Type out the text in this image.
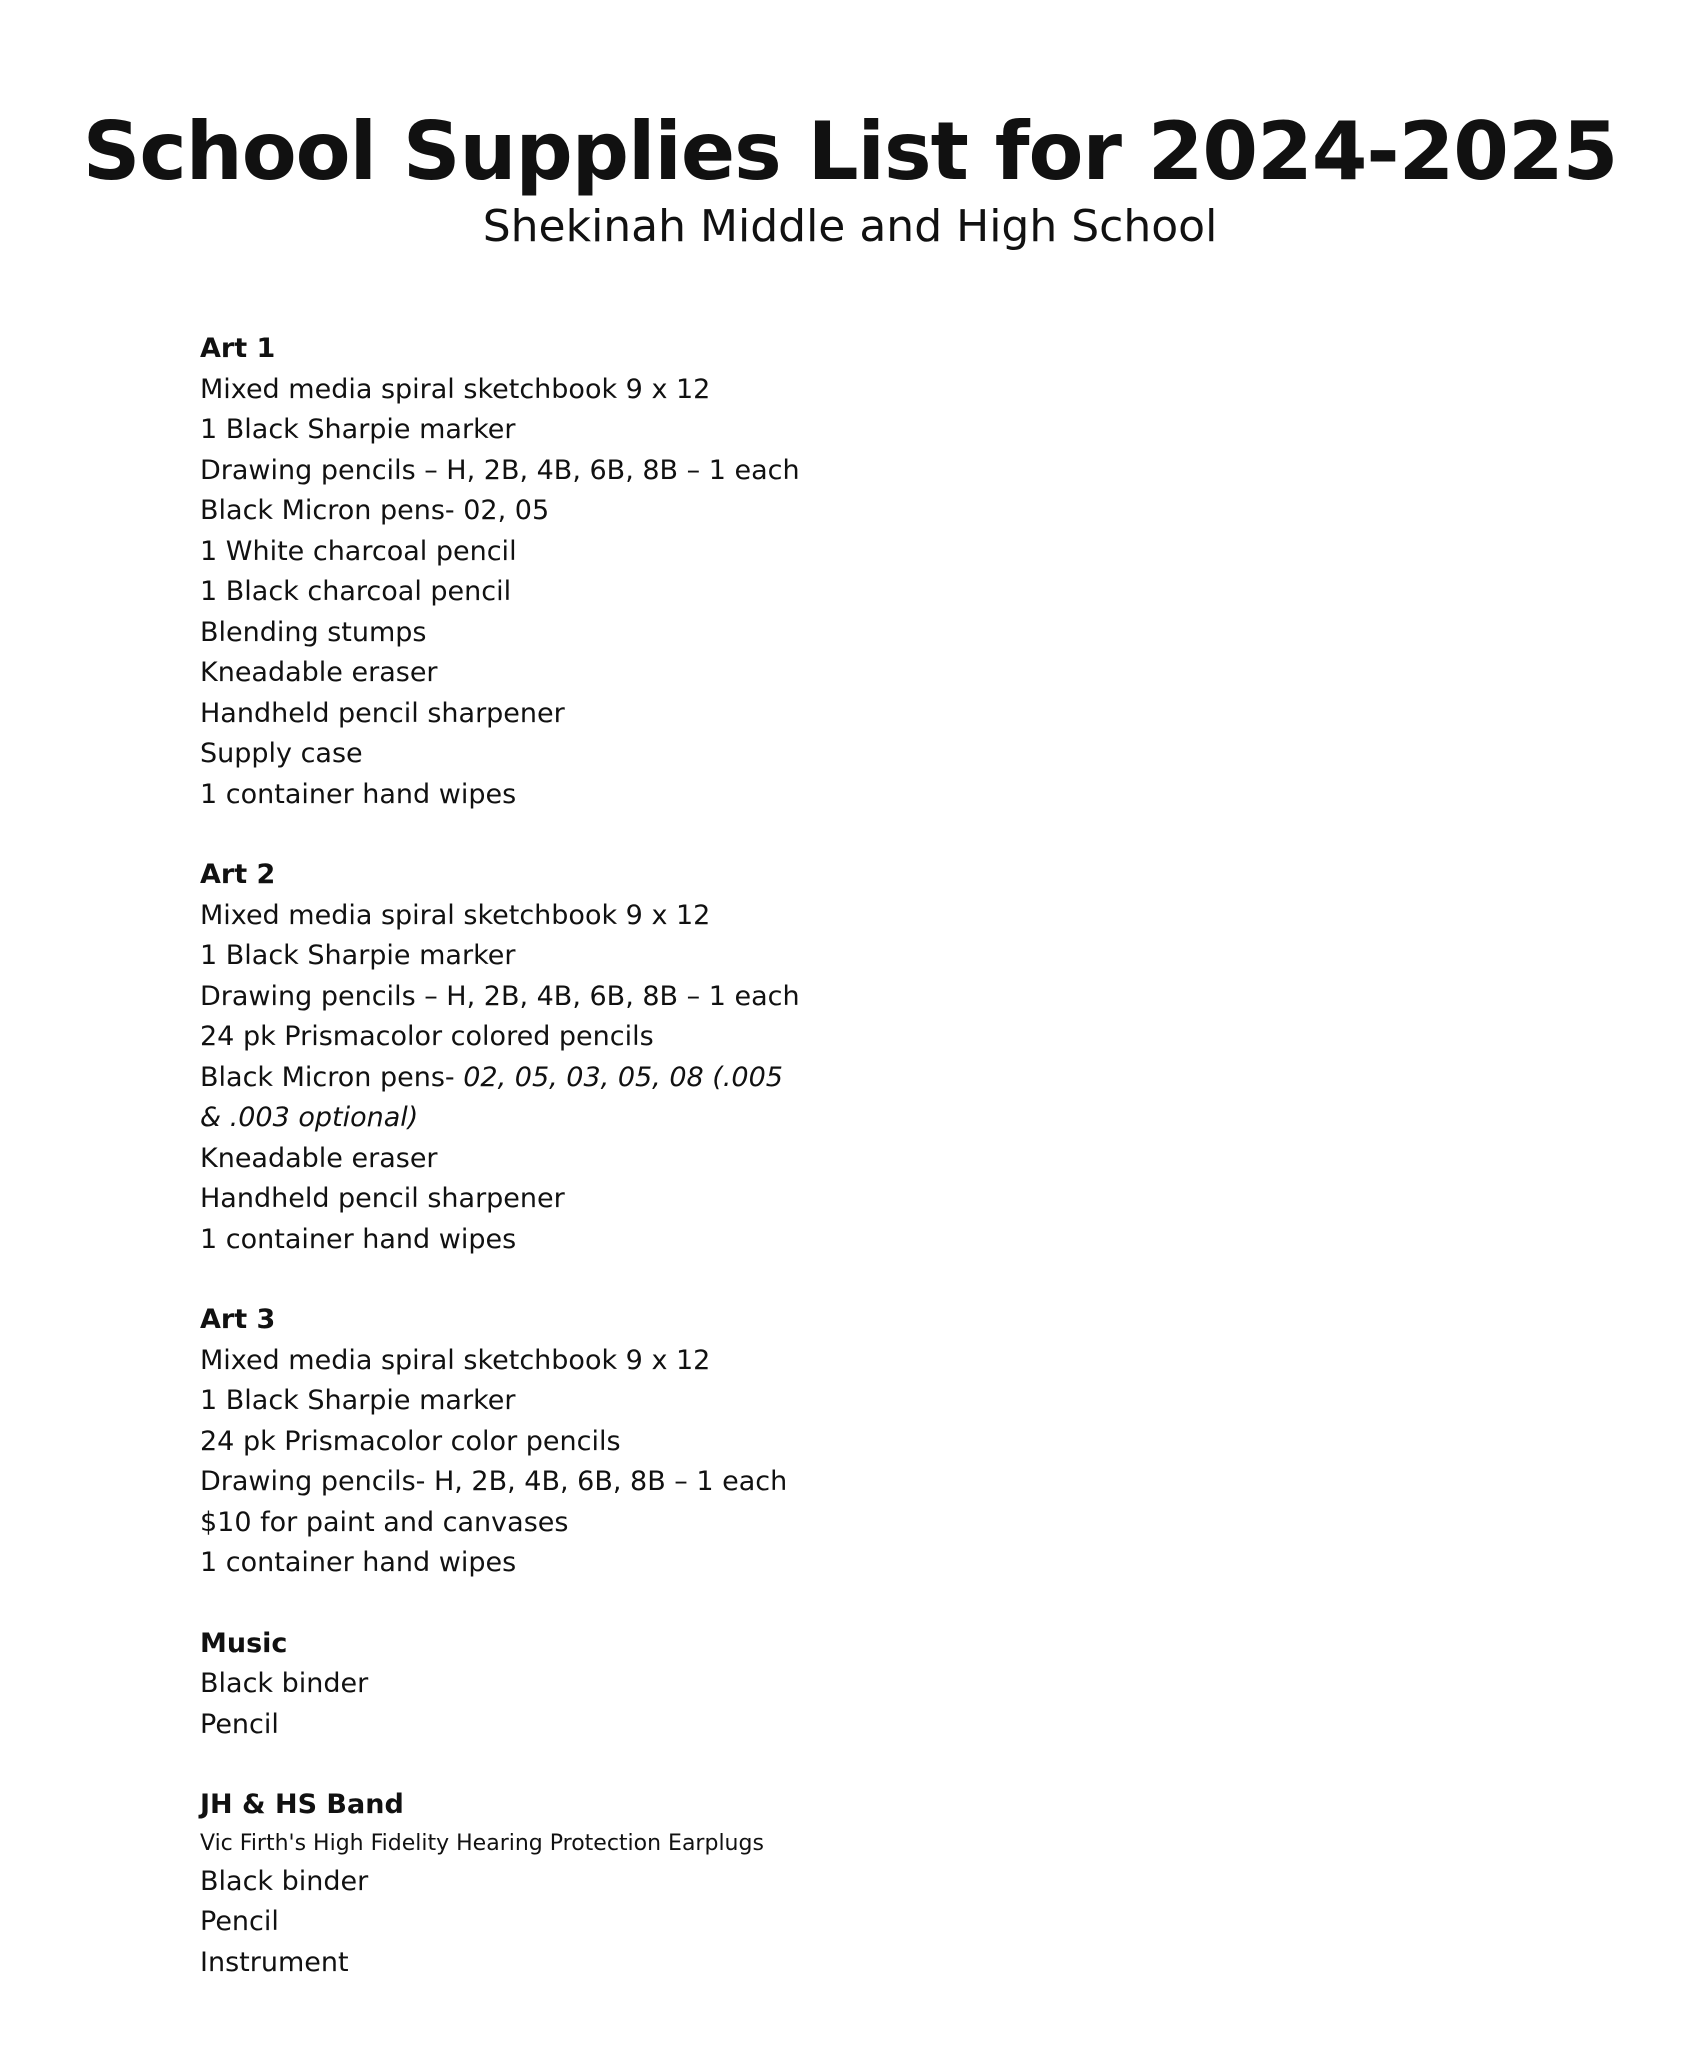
School Supplies List for 2024-2025

Shekinah Middle and High School

Art 1
Mixed media spiral sketchbook 9 x 12
1 Black Sharpie marker
Drawing pencils – H, 2B, 4B, 6B, 8B – 1 each
Black Micron pens- 02, 05
1 White charcoal pencil
1 Black charcoal pencil
Blending stumps
Kneadable eraser
Handheld pencil sharpener
Supply case
1 container hand wipes
Art 2
Mixed media spiral sketchbook 9 x 12
1 Black Sharpie marker
Drawing pencils – H, 2B, 4B, 6B, 8B – 1 each
24 pk Prismacolor colored pencils
Black Micron pens- 02, 05, 03, 05, 08 (.005 & .003 optional)
Kneadable eraser
Handheld pencil sharpener
1 container hand wipes
Art 3
Mixed media spiral sketchbook 9 x 12
1 Black Sharpie marker
24 pk Prismacolor color pencils
Drawing pencils- H, 2B, 4B, 6B, 8B – 1 each
$10 for paint and canvases
1 container hand wipes
Music
Black binder
Pencil
JH & HS Band
Vic Firth's High Fidelity Hearing Protection Earplugs
Black binder
Pencil
Instrument
